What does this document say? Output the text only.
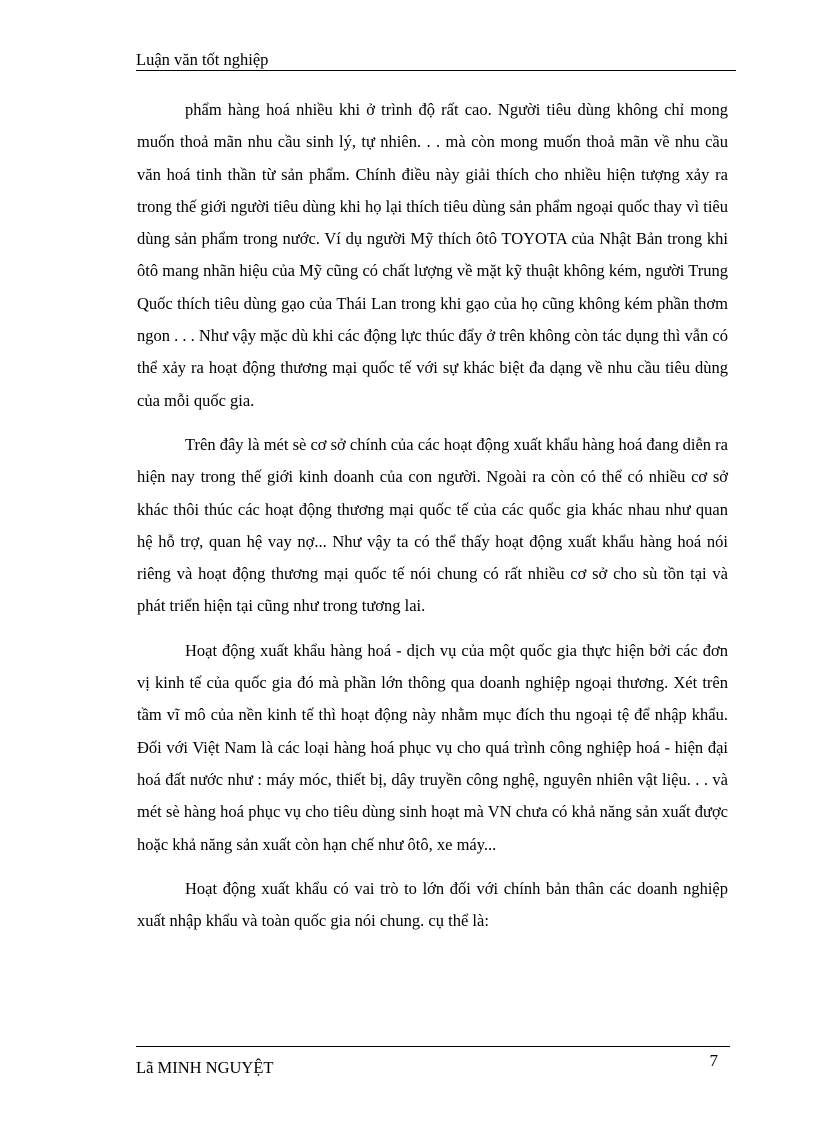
Luận văn tốt nghiệp

phẩm hàng hoá nhiều khi ở trình độ rất cao. Người tiêu dùng không chỉ mong muốn thoả mãn nhu cầu sinh lý, tự nhiên. . . mà còn mong muốn thoả mãn về nhu cầu văn hoá tinh thần từ sản phẩm. Chính điều này giải thích cho nhiều hiện tượng xảy ra trong thế giới người tiêu dùng khi họ lại thích tiêu dùng sản phẩm ngoại quốc thay vì tiêu dùng sản phẩm trong nước. Ví dụ người Mỹ thích ôtô TOYOTA của Nhật Bản trong khi ôtô mang nhãn hiệu của Mỹ cũng có chất lượng về mặt kỹ thuật không kém, người Trung Quốc thích tiêu dùng gạo của Thái Lan trong khi gạo của họ cũng không kém phần thơm ngon . . . Như vậy mặc dù khi các động lực thúc đẩy ở trên không còn tác dụng thì vẫn có thể xảy ra hoạt động thương mại quốc tế với sự khác biệt đa dạng về nhu cầu tiêu dùng của mỗi quốc gia.

Trên đây là mét sè cơ sở chính của các hoạt động xuất khẩu hàng hoá đang diễn ra hiện nay trong thế giới kinh doanh của con người. Ngoài ra còn có thể có nhiều cơ sở khác thôi thúc các hoạt động thương mại quốc tế của các quốc gia khác nhau như quan hệ hỗ trợ, quan hệ vay nợ... Như vậy ta có thể thấy hoạt động xuất khẩu hàng hoá nói riêng và hoạt động thương mại quốc tế nói chung có rất nhiều cơ sở cho sù tồn tại và phát triển hiện tại cũng như trong tương lai.

Hoạt động xuất khẩu hàng hoá - dịch vụ của một quốc gia thực hiện bởi các đơn vị kinh tế của quốc gia đó mà phần lớn thông qua doanh nghiệp ngoại thương. Xét trên tầm vĩ mô của nền kinh tế thì hoạt động này nhằm mục đích thu ngoại tệ để nhập khẩu. Đối với Việt Nam là các loại hàng hoá phục vụ cho quá trình công nghiệp hoá - hiện đại hoá đất nước như : máy móc, thiết bị, dây truyền công nghệ, nguyên nhiên vật liệu. . . và mét sè hàng hoá phục vụ cho tiêu dùng sinh hoạt mà VN chưa có khả năng sản xuất được hoặc khả năng sản xuất còn hạn chế như ôtô, xe máy...

Hoạt động xuất khẩu có vai trò to lớn đối với chính bản thân các doanh nghiệp xuất nhập khẩu và toàn quốc gia nói chung. cụ thể là:

Lã MINH NGUYỆT	7
